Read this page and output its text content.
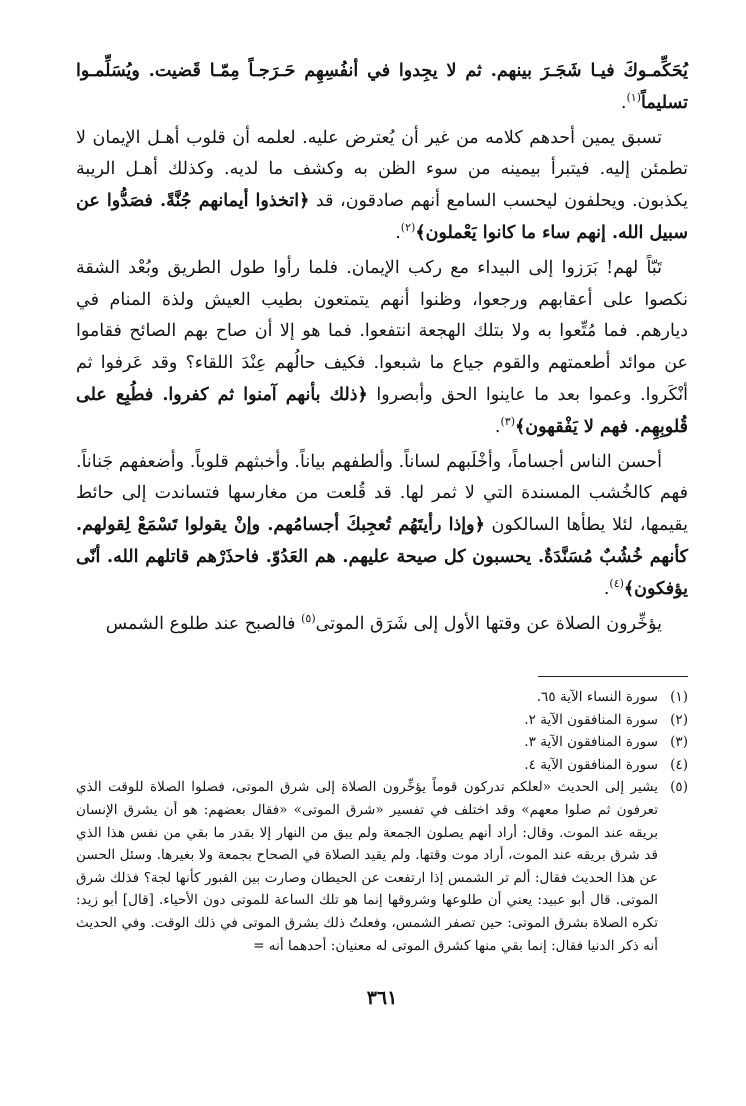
يُحَكِّمـوكَ فيـا شَجَـرَ بينهم. ثم لا يجِدوا في أنفُسِهِم حَـرَجـاً مِمّـا قَضيت. ويُسَلِّمـوا تسليماً$^{(١)}$.

تسبق يمين أحدهم كلامه من غير أن يُعترض عليه. لعلمه أن قلوب أهـل الإيمان لا تطمئن إليه. فيتبرأ بيمينه من سوء الظن به وكشف ما لديه. وكذلك أهـل الريبة يكذبون. ويحلفون ليحسب السامع أنهم صادقون، قد ﴿اتخذوا أيمانهم جُنَّةً. فصَدُّوا عن سبيل الله. إنهم ساء ما كانوا يَعْملون﴾$^{(٢)}$.

تَبّاً لهم! بَرَزوا إلى البيداء مع ركب الإيمان. فلما رأوا طول الطريق وبُعْد الشقة نكصوا على أعقابهم ورجعوا، وظنوا أنهم يتمتعون بطيب العيش ولذة المنام في ديارهم. فما مُتِّعوا به ولا بتلك الهجعة انتفعوا. فما هو إلا أن صاح بهم الصائح فقاموا عن موائد أطعمتهم والقوم جياع ما شبعوا. فكيف حالُهم عِنْدَ اللقاء؟ وقد عَرفوا ثم أنْكَروا. وعموا بعد ما عاينوا الحق وأبصروا ﴿ذلك بأنهم آمنوا ثم كفروا. فطُبِع على قُلوبِهِم. فهم لا يَفْقهون﴾$^{(٣)}$.

أحسن الناس أجساماً، وأخْلَبهم لساناً. وألطفهم بياناً. وأخبثهم قلوباً. وأضعفهم جَناناً. فهم كالخُشب المسندة التي لا ثمر لها. قد قُلعت من مغارسها فتساندت إلى حائط يقيمها، لئلا يطأها السالكون ﴿وإذا رأيتَهُم تُعجِبكَ أجسامُهم. وإنْ يقولوا تَسْمَعْ لِقولهم. كأنهم خُشُبٌ مُسَنَّدَةٌ. يحسبون كل صيحة عليهم. هم العَدُوّ. فاحذَرْهم قاتلهم الله. أنّى يؤفكون﴾$^{(٤)}$.

يؤخِّرون الصلاة عن وقتها الأول إلى شَرَق الموتى$^{(٥)}$ فالصبح عند طلوع الشمس

(١)
سورة النساء الآية ٦٥.
(٢)
سورة المنافقون الآية ٢.
(٣)
سورة المنافقون الآية ٣.
(٤)
سورة المنافقون الآية ٤.
(٥)
يشير إلى الحديث «لعلكم تدركون قوماً يؤخِّرون الصلاة إلى شرق الموتى، فصلوا الصلاة للوقت الذي تعرفون ثم صلوا معهم» وقد اختلف في تفسير «شرق الموتى» «فقال بعضهم: هو أن يشرق الإنسان بريقه عند الموت. وقال: أراد أنهم يصلون الجمعة ولم يبق من النهار إلا بقدر ما بقي من نفس هذا الذي قد شرق بريقه عند الموت، أراد موت وقتها. ولم يقيد الصلاة في الصحاح بجمعة ولا بغيرها. وسئل الحسن عن هذا الحديث فقال: ألم تر الشمس إذا ارتفعت عن الحيطان وصارت بين القبور كأنها لجة؟ فذلك شرق الموتى. قال أبو عبيد: يعني أن طلوعها وشروقها إنما هو تلك الساعة للموتى دون الأحياء. [قال] أبو زيد: تكره الصلاة بشرق الموتى: حين تصفر الشمس، وفعلتُ ذلك بشرق الموتى في ذلك الوقت. وفي الحديث أنه ذكر الدنيا فقال: إنما بقي منها كشرق الموتى له معنيان: أحدهما أنه =
٣٦١
